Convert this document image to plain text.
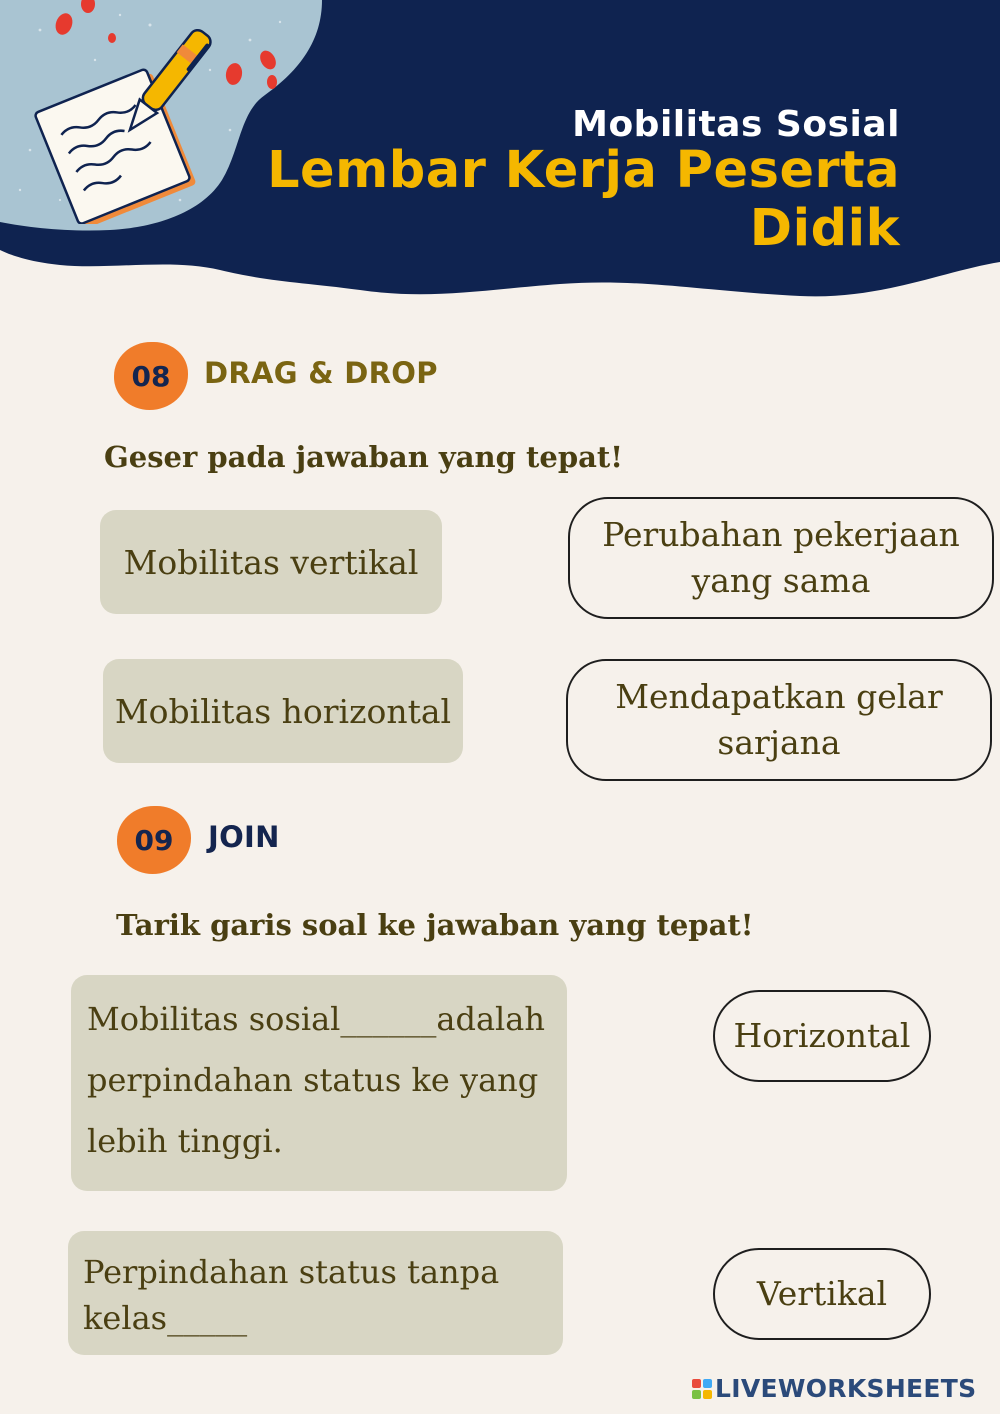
Mobilitas Sosial
Lembar Kerja Peserta Didik
08	DRAG & DROP
Geser pada jawaban yang tepat!
Mobilitas vertikal
Mobilitas horizontal
Perubahan pekerjaan yang sama
Mendapatkan gelar sarjana
09	JOIN
Tarik garis soal ke jawaban yang tepat!
Mobilitas sosial______adalah perpindahan status ke yang lebih tinggi.
Perpindahan status tanpa kelas_____
Horizontal
Vertikal
LIVEWORKSHEETS
